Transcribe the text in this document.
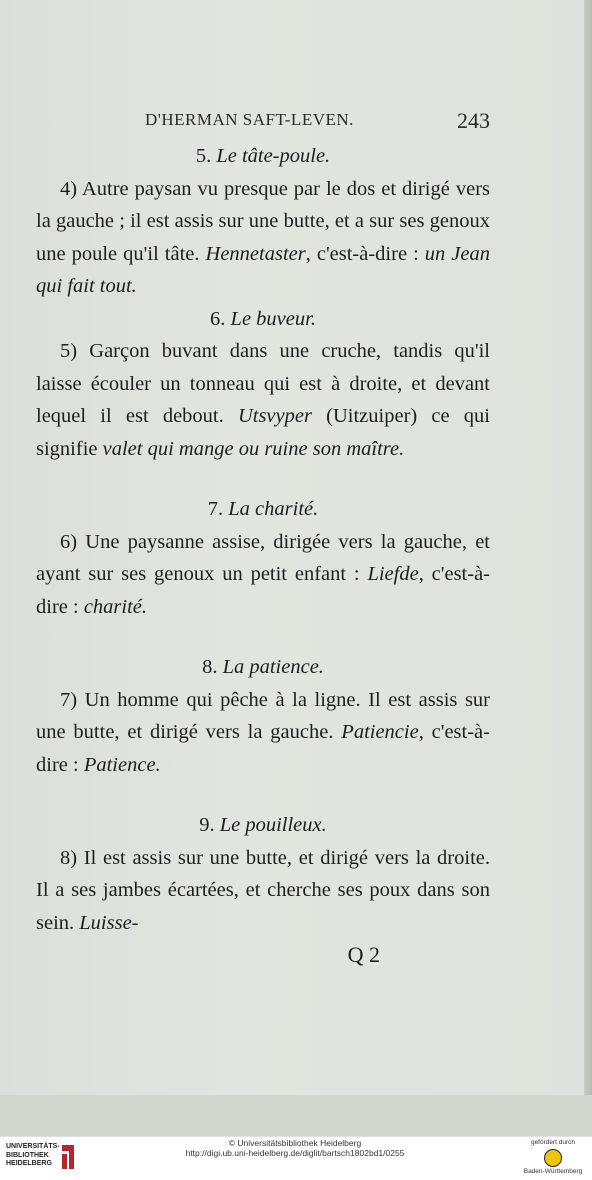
D'HERMAN SAFT-LEVEN.	243
5. Le tâte-poule.
4) Autre paysan vu presque par le dos et dirigé vers la gauche ; il est assis sur une butte, et a sur ses genoux une poule qu'il tâte. Hennetaster, c'est-à-dire : un Jean qui fait tout.
6. Le buveur.
5) Garçon buvant dans une cruche, tandis qu'il laisse écouler un tonneau qui est à droite, et devant lequel il est debout. Utsvyper (Uitzuiper) ce qui signifie valet qui mange ou ruine son maître.
7. La charité.
6) Une paysanne assise, dirigée vers la gauche, et ayant sur ses genoux un petit enfant : Liefde, c'est-à-dire : charité.
8. La patience.
7) Un homme qui pêche à la ligne. Il est assis sur une butte, et dirigé vers la gauche. Patiencie, c'est-à-dire : Patience.
9. Le pouilleux.
8) Il est assis sur une butte, et dirigé vers la droite. Il a ses jambes écartées, et cherche ses poux dans son sein. Luisse-
Q 2
UNIVERSITÄTS-
BIBLIOTHEK
HEIDELBERG
© Universitätsbibliothek Heidelberg
http://digi.ub.uni-heidelberg.de/diglit/bartsch1802bd1/0255
gefördert durch
Baden-Württemberg
